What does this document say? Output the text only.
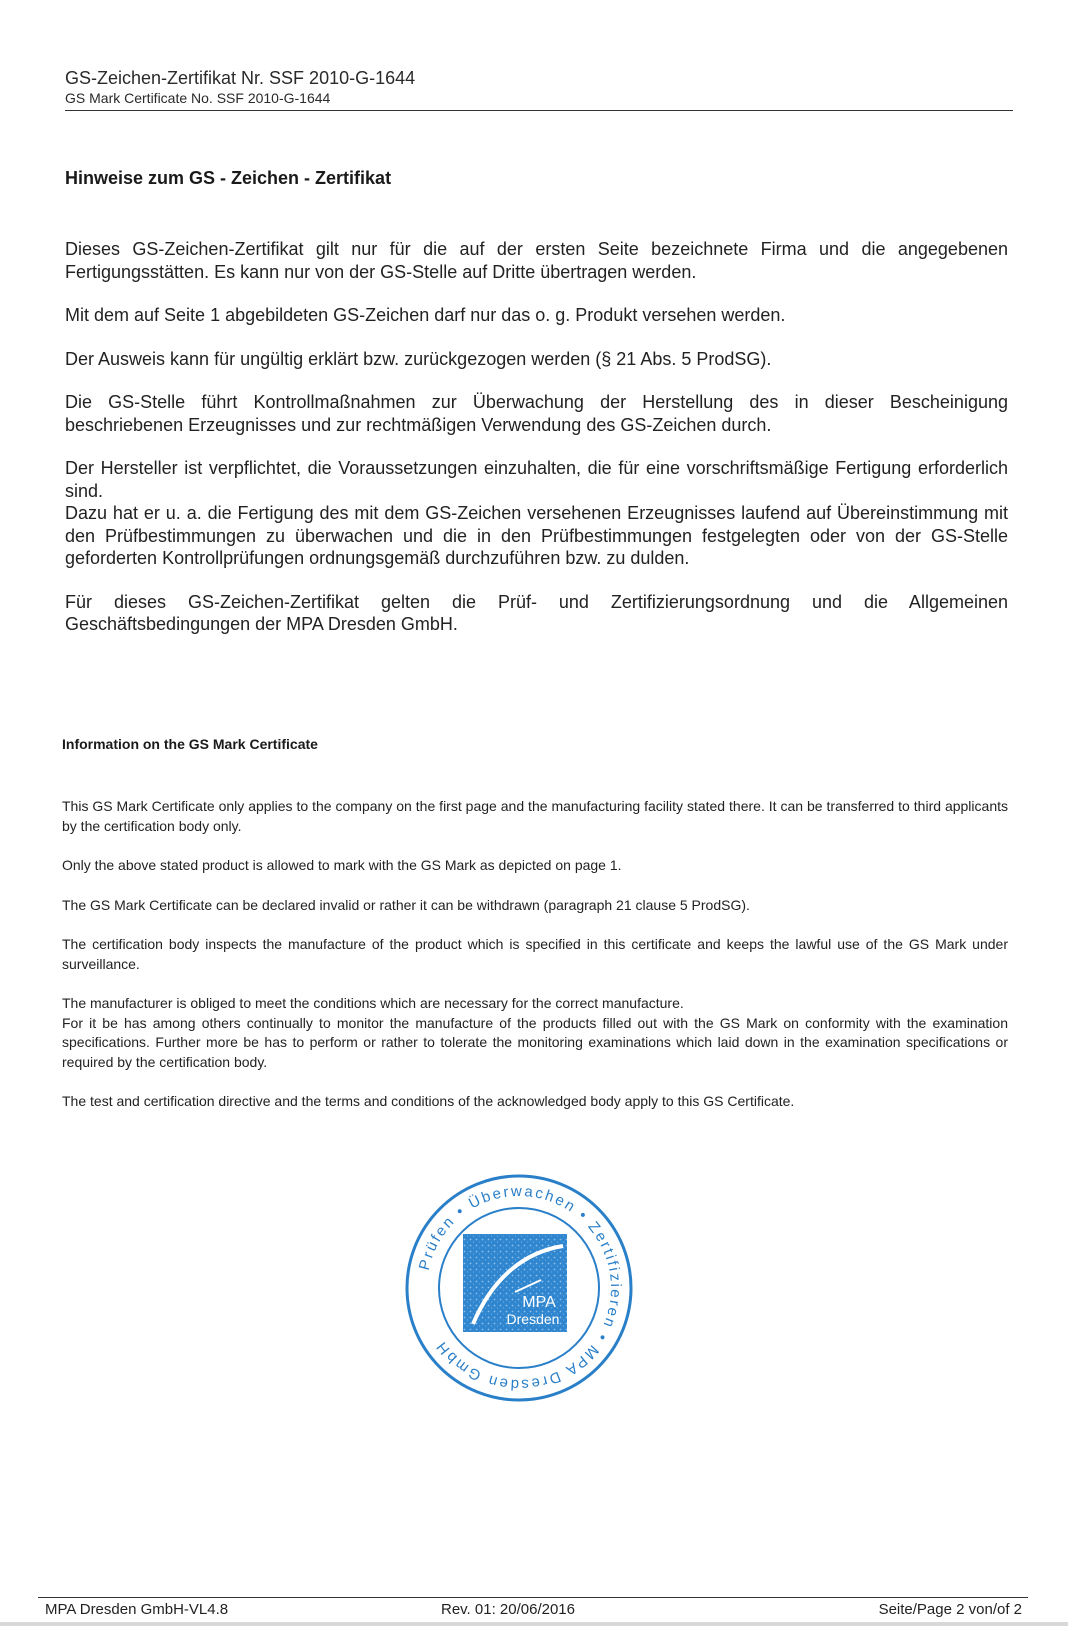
GS-Zeichen-Zertifikat Nr. SSF 2010-G-1644
GS Mark Certificate No. SSF 2010-G-1644
Hinweise zum GS - Zeichen - Zertifikat

Dieses GS-Zeichen-Zertifikat gilt nur für die auf der ersten Seite bezeichnete Firma und die angegebenen Fertigungsstätten. Es kann nur von der GS-Stelle auf Dritte übertragen werden.

Mit dem auf Seite 1 abgebildeten GS-Zeichen darf nur das o. g. Produkt versehen werden.

Der Ausweis kann für ungültig erklärt bzw. zurückgezogen werden (§ 21 Abs. 5 ProdSG).

Die GS-Stelle führt Kontrollmaßnahmen zur Überwachung der Herstellung des in dieser Bescheinigung beschriebenen Erzeugnisses und zur rechtmäßigen Verwendung des GS-Zeichen durch.

Der Hersteller ist verpflichtet, die Voraussetzungen einzuhalten, die für eine vorschriftsmäßige Fertigung erforderlich sind.

Dazu hat er u. a. die Fertigung des mit dem GS-Zeichen versehenen Erzeugnisses laufend auf Übereinstimmung mit den Prüfbestimmungen zu überwachen und die in den Prüfbestimmungen festgelegten oder von der GS-Stelle geforderten Kontrollprüfungen ordnungsgemäß durchzuführen bzw. zu dulden.

Für dieses GS-Zeichen-Zertifikat gelten die Prüf- und Zertifizierungsordnung und die Allgemeinen Geschäftsbedingungen der MPA Dresden GmbH.

Information on the GS Mark Certificate

This GS Mark Certificate only applies to the company on the first page and the manufacturing facility stated there. It can be transferred to third applicants by the certification body only.

Only the above stated product is allowed to mark with the GS Mark as depicted on page 1.

The GS Mark Certificate can be declared invalid or rather it can be withdrawn (paragraph 21 clause 5 ProdSG).

The certification body inspects the manufacture of the product which is specified in this certificate and keeps the lawful use of the GS Mark under surveillance.

The manufacturer is obliged to meet the conditions which are necessary for the correct manufacture.

For it be has among others continually to monitor the manufacture of the products filled out with the GS Mark on conformity with the examination specifications. Further more be has to perform or rather to tolerate the monitoring examinations which laid down in the examination specifications or required by the certification body.

The test and certification directive and the terms and conditions of the acknowledged body apply to this GS Certificate.

Prüfen • Überwachen • Zertifizieren • MPA Dresden GmbH
MPA
Dresden
MPA Dresden GmbH-VL4.8	Rev. 01: 20/06/2016	Seite/Page 2 von/of 2
